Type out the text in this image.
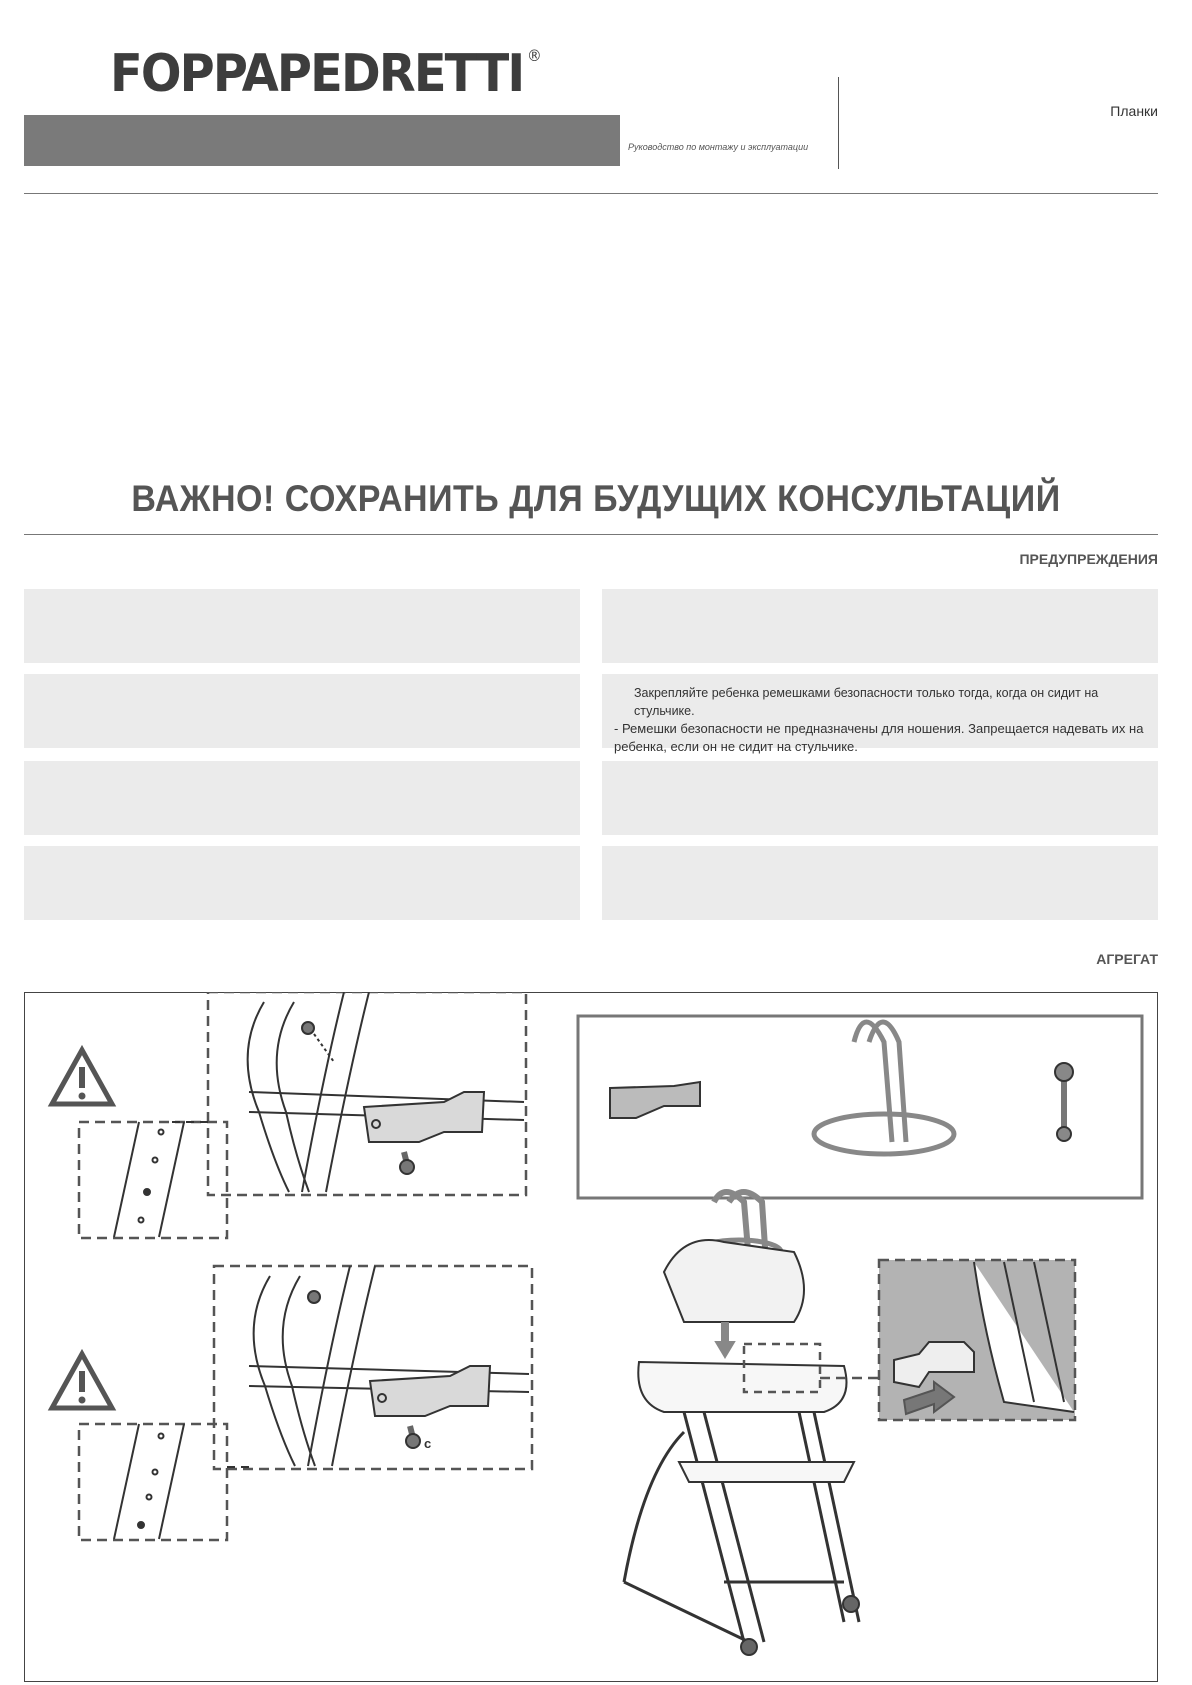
FOPPAPEDRETTI ®
Руководство по монтажу и эксплуатации
Планки
ВАЖНО! СОХРАНИТЬ ДЛЯ БУДУЩИХ КОНСУЛЬТАЦИЙ
ПРЕДУПРЕЖДЕНИЯ

Закрепляйте ребенка ремешками безопасности только тогда, когда он сидит на стульчике.

- Ремешки безопасности не предназначены для ношения. Запрещается надевать их на ребенка, если он не сидит на стульчике.

АГРЕГАТ
c
